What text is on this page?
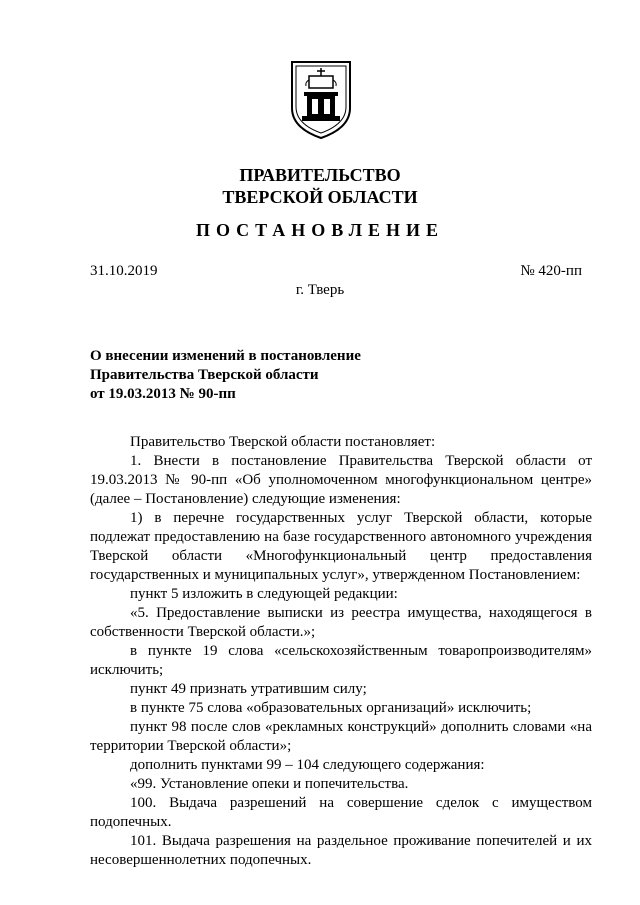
ПРАВИТЕЛЬСТВО
ТВЕРСКОЙ ОБЛАСТИ
ПОСТАНОВЛЕНИЕ
31.10.2019	№ 420-пп
г. Тверь
О внесении изменений в постановление
Правительства Тверской области
от 19.03.2013 № 90-пп

Правительство Тверской области постановляет:

1. Внести в постановление Правительства Тверской области от 19.03.2013 № 90-пп «Об уполномоченном многофункциональном центре» (далее – Постановление) следующие изменения:

1) в перечне государственных услуг Тверской области, которые подлежат предоставлению на базе государственного автономного учреждения Тверской области «Многофункциональный центр предоставления государственных и муниципальных услуг», утвержденном Постановлением:

пункт 5 изложить в следующей редакции:

«5. Предоставление выписки из реестра имущества, находящегося в собственности Тверской области.»;

в пункте 19 слова «сельскохозяйственным товаропроизводителям» исключить;

пункт 49 признать утратившим силу;

в пункте 75 слова «образовательных организаций» исключить;

пункт 98 после слов «рекламных конструкций» дополнить словами «на территории Тверской области»;

дополнить пунктами 99 – 104 следующего содержания:

«99. Установление опеки и попечительства.

100. Выдача разрешений на совершение сделок с имуществом подопечных.

101. Выдача разрешения на раздельное проживание попечителей и их несовершеннолетних подопечных.
